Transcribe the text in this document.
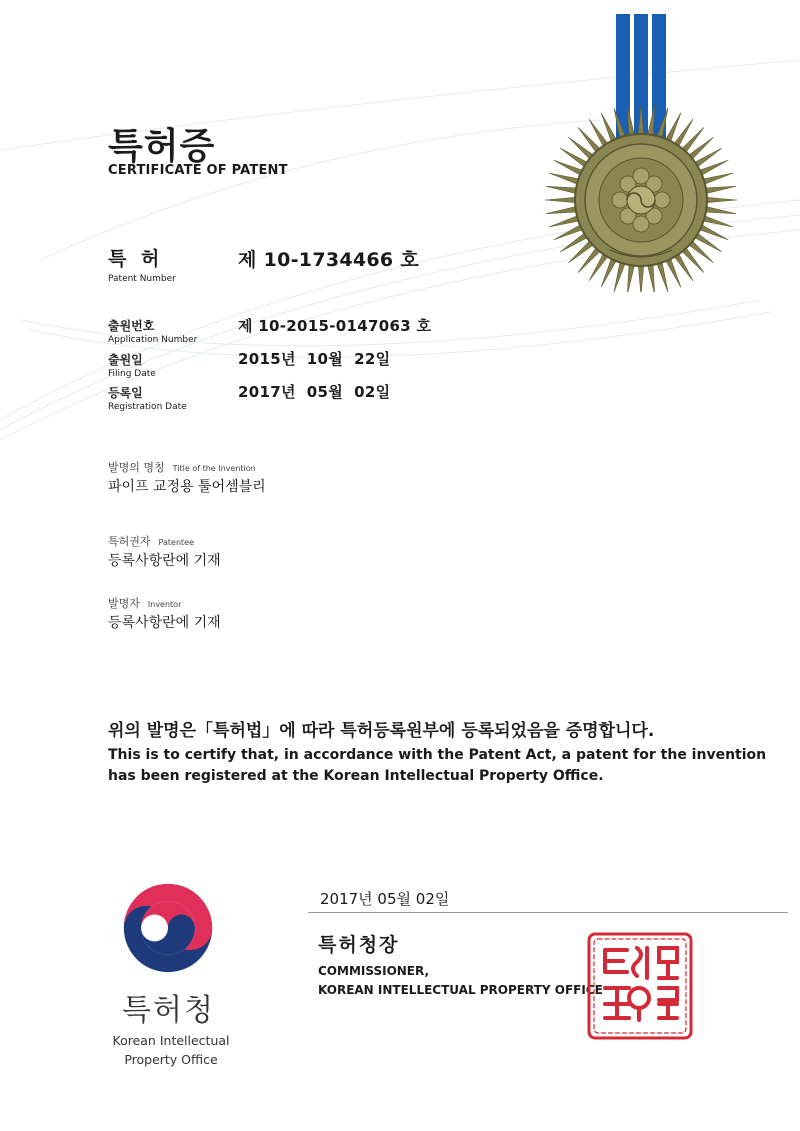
특허증
CERTIFICATE OF PATENT
특 허
Patent Number
제 10-1734466 호
출원번호
Application Number
제 10-2015-0147063 호
출원일
Filing Date
2015년  10월  22일
등록일
Registration Date
2017년  05월  02일
발명의 명칭 Title of the Invention
파이프 교정용 툴어셈블리
특허권자 Patentee
등록사항란에 기재
발명자 Inventor
등록사항란에 기재
위의 발명은「특허법」에 따라 특허등록원부에 등록되었음을 증명합니다.
This is to certify that, in accordance with the Patent Act, a patent for the invention has been registered at the Korean Intellectual Property Office.
특허청
Korean Intellectual
Property Office
2017년 05월 02일
특허청장
COMMISSIONER,
KOREAN INTELLECTUAL PROPERTY OFFICE
